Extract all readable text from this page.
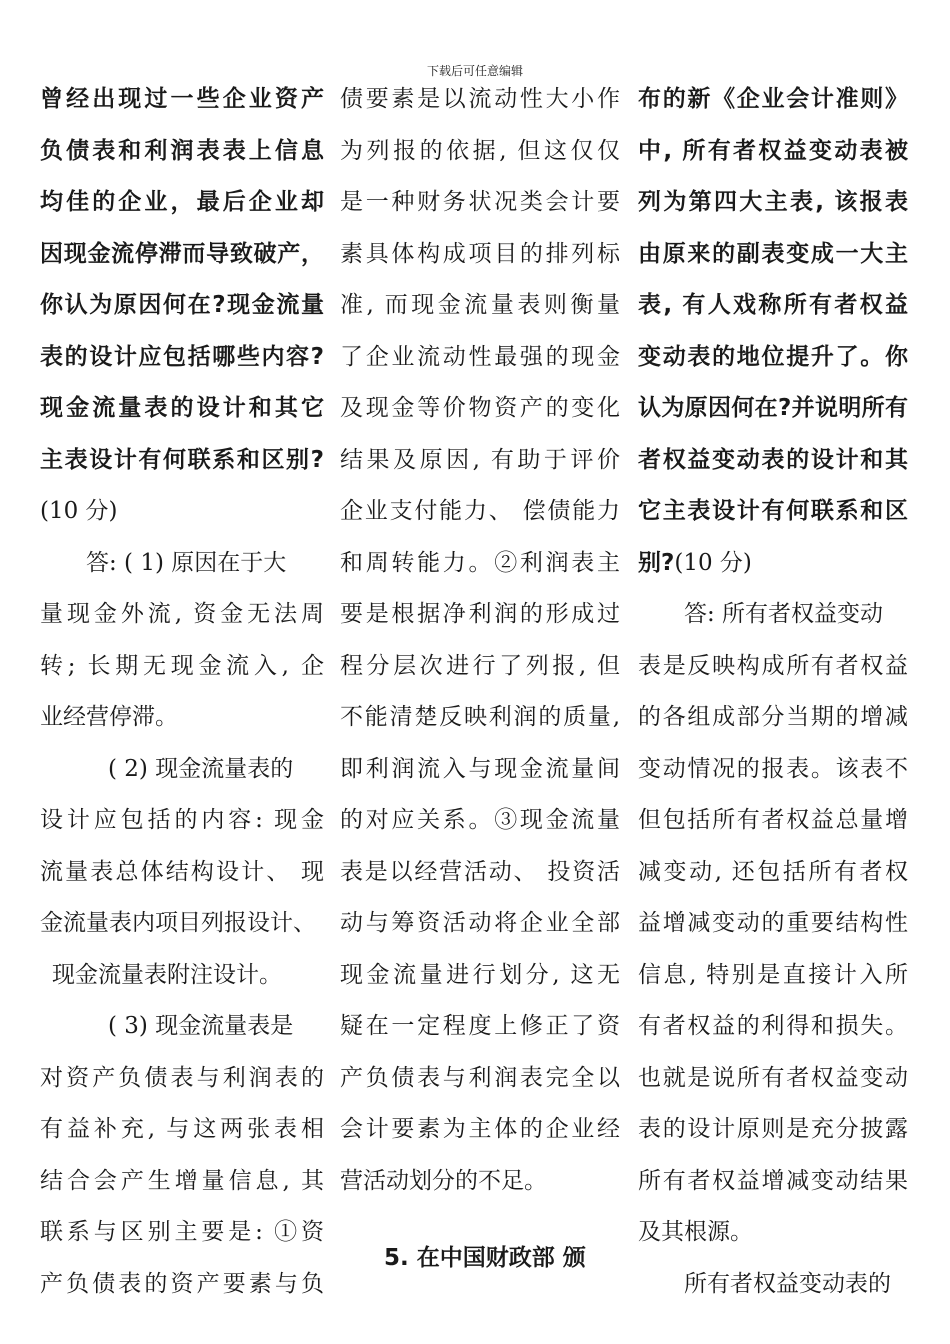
下载后可任意编辑
曾经出现过一些企业资产
负债表和利润表表上信息
均佳的企业，最后企业却
因现金流停滞而导致破产，
你认为原因何在?现金流量
表的设计应包括哪些内容?
现金流量表的设计和其它
主表设计有何联系和区别?
(10 分)
答: ( 1) 原因在于大
量现金外流, 资金无法周
转; 长期无现金流入, 企
业经营停滞。
( 2) 现金流量表的
设计应包括的内容: 现金
流量表总体结构设计、 现
金流量表内项目列报设计、
现金流量表附注设计。
( 3) 现金流量表是
对资产负债表与利润表的
有益补充, 与这两张表相
结合会产生增量信息, 其
联系与区别主要是: ①资
产负债表的资产要素与负
债要素是以流动性大小作
为列报的依据, 但这仅仅
是一种财务状况类会计要
素具体构成项目的排列标
准, 而现金流量表则衡量
了企业流动性最强的现金
及现金等价物资产的变化
结果及原因, 有助于评价
企业支付能力、 偿债能力
和周转能力。②利润表主
要是根据净利润的形成过
程分层次进行了列报, 但
不能清楚反映利润的质量,
即利润流入与现金流量间
的对应关系。③现金流量
表是以经营活动、 投资活
动与筹资活动将企业全部
现金流量进行划分, 这无
疑在一定程度上修正了资
产负债表与利润表完全以
会计要素为主体的企业经
营活动划分的不足。
5. 在中国财政部 颁
布的新《企业会计准则》
中, 所有者权益变动表被
列为第四大主表, 该报表
由原来的副表变成一大主
表, 有人戏称所有者权益
变动表的地位提升了。你
认为原因何在?并说明所有
者权益变动表的设计和其
它主表设计有何联系和区
别?(10 分)
答: 所有者权益变动
表是反映构成所有者权益
的各组成部分当期的增减
变动情况的报表。该表不
但包括所有者权益总量增
减变动, 还包括所有者权
益增减变动的重要结构性
信息, 特别是直接计入所
有者权益的利得和损失。
也就是说所有者权益变动
表的设计原则是充分披露
所有者权益增减变动结果
及其根源。
所有者权益变动表的
